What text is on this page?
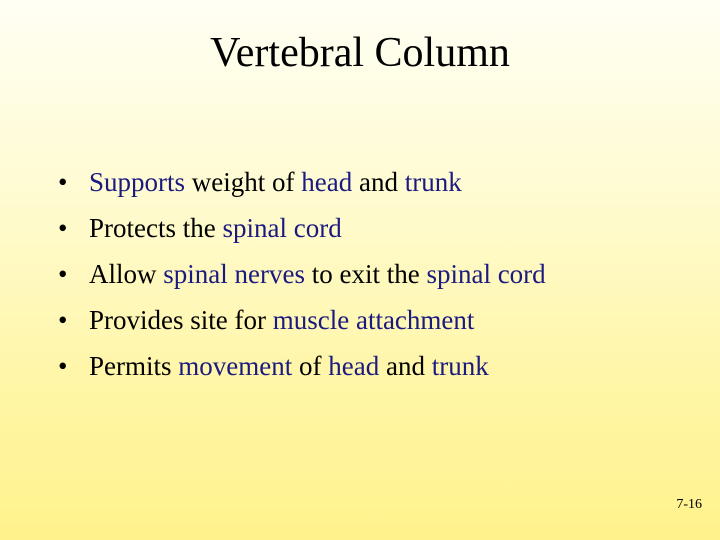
Vertebral Column
• Supports weight of head and trunk
• Protects the spinal cord
• Allow spinal nerves to exit the spinal cord
• Provides site for muscle attachment
• Permits movement of head and trunk
7-16
